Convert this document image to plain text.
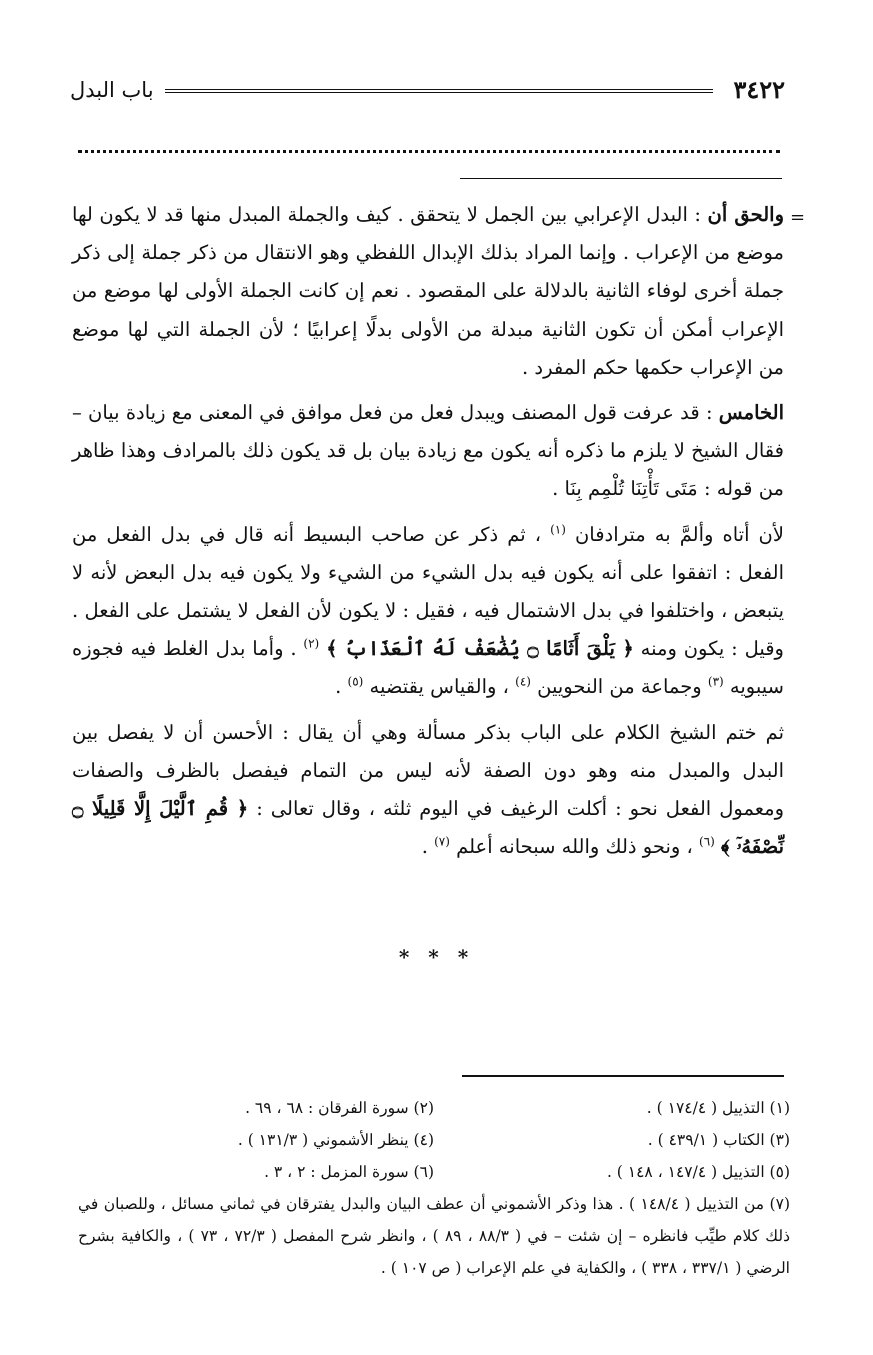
٣٤٢٢
باب البدل
=

والحق أن : البدل الإعرابي بين الجمل لا يتحقق . كيف والجملة المبدل منها قد لا يكون لها موضع من الإعراب . وإنما المراد بذلك الإبدال اللفظي وهو الانتقال من ذكر جملة إلى ذكر جملة أخرى لوفاء الثانية بالدلالة على المقصود . نعم إن كانت الجملة الأولى لها موضع من الإعراب أمكن أن تكون الثانية مبدلة من الأولى بدلًا إعرابيًا ؛ لأن الجملة التي لها موضع من الإعراب حكمها حكم المفرد .

الخامس : قد عرفت قول المصنف ويبدل فعل من فعل موافق في المعنى مع زيادة بيان – فقال الشيخ لا يلزم ما ذكره أنه يكون مع زيادة بيان بل قد يكون ذلك بالمرادف وهذا ظاهر من قوله : مَتَى تَأْتِنَا تُلْمِم بِنَا .

لأن أتاه وألمَّ به مترادفان $^{(١)}$ ، ثم ذكر عن صاحب البسيط أنه قال في بدل الفعل من الفعل : اتفقوا على أنه يكون فيه بدل الشيء من الشيء ولا يكون فيه بدل البعض لأنه لا يتبعض ، واختلفوا في بدل الاشتمال فيه ، فقيل : لا يكون لأن الفعل لا يشتمل على الفعل . وقيل : يكون ومنه ﴿ يَلْقَ أَثَامًا ۝ يُضَٰعَفْ لَهُ ٱلْعَذَابُ ﴾ $^{(٢)}$ . وأما بدل الغلط فيه فجوزه سيبويه $^{(٣)}$ وجماعة من النحويين $^{(٤)}$ ، والقياس يقتضيه $^{(٥)}$ .

ثم ختم الشيخ الكلام على الباب بذكر مسألة وهي أن يقال : الأحسن أن لا يفصل بين البدل والمبدل منه وهو دون الصفة لأنه ليس من التمام فيفصل بالظرف والصفات ومعمول الفعل نحو : أكلت الرغيف في اليوم ثلثه ، وقال تعالى : ﴿ قُمِ ٱلَّيْلَ إِلَّا قَلِيلًا ۝ نِّصْفَهُۥٓ ﴾ $^{(٦)}$ ، ونحو ذلك والله سبحانه أعلم $^{(٧)}$ .

* * *
(١) التذييل ( ١٧٤/٤ ) .
(٢) سورة الفرقان : ٦٨ ، ٦٩ .
(٣) الكتاب ( ٤٣٩/١ ) .
(٤) ينظر الأشموني ( ١٣١/٣ ) .
(٥) التذييل ( ١٤٧/٤ ، ١٤٨ ) .
(٦) سورة المزمل : ٢ ، ٣ .
(٧) من التذييل ( ١٤٨/٤ ) . هذا وذكر الأشموني أن عطف البيان والبدل يفترقان في ثماني مسائل ، وللصبان في ذلك كلام طيِّب فانظره – إن شئت – في ( ٨٨/٣ ، ٨٩ ) ، وانظر شرح المفصل ( ٧٢/٣ ، ٧٣ ) ، والكافية بشرح الرضي ( ٣٣٧/١ ، ٣٣٨ ) ، والكفاية في علم الإعراب ( ص ١٠٧ ) .
